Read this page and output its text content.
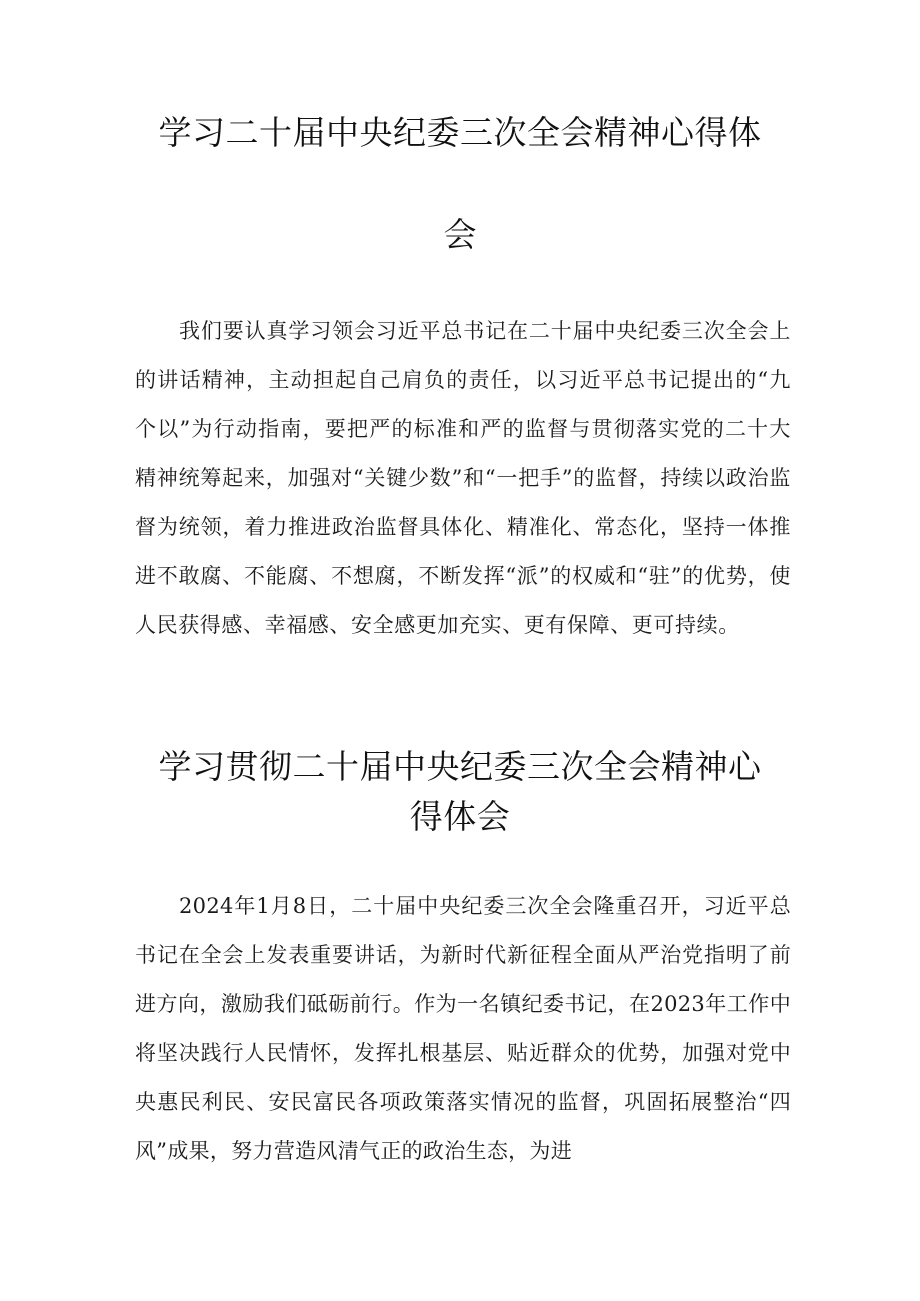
学习二十届中央纪委三次全会精神心得体
会

我们要认真学习领会习近平总书记在二十届中央纪委三次全会上的讲话精神，主动担起自己肩负的责任，以习近平总书记提出的“九个以”为行动指南，要把严的标准和严的监督与贯彻落实党的二十大精神统筹起来，加强对“关键少数”和“一把手”的监督，持续以政治监督为统领，着力推进政治监督具体化、精准化、常态化，坚持一体推进不敢腐、不能腐、不想腐，不断发挥“派”的权威和“驻”的优势，使人民获得感、幸福感、安全感更加充实、更有保障、更可持续。

学习贯彻二十届中央纪委三次全会精神心
得体会

2024年1月8日，二十届中央纪委三次全会隆重召开，习近平总书记在全会上发表重要讲话，为新时代新征程全面从严治党指明了前进方向，激励我们砥砺前行。作为一名镇纪委书记，在2023年工作中将坚决践行人民情怀，发挥扎根基层、贴近群众的优势，加强对党中央惠民利民、安民富民各项政策落实情况的监督，巩固拓展整治“四风”成果，努力营造风清气正的政治生态，为进
